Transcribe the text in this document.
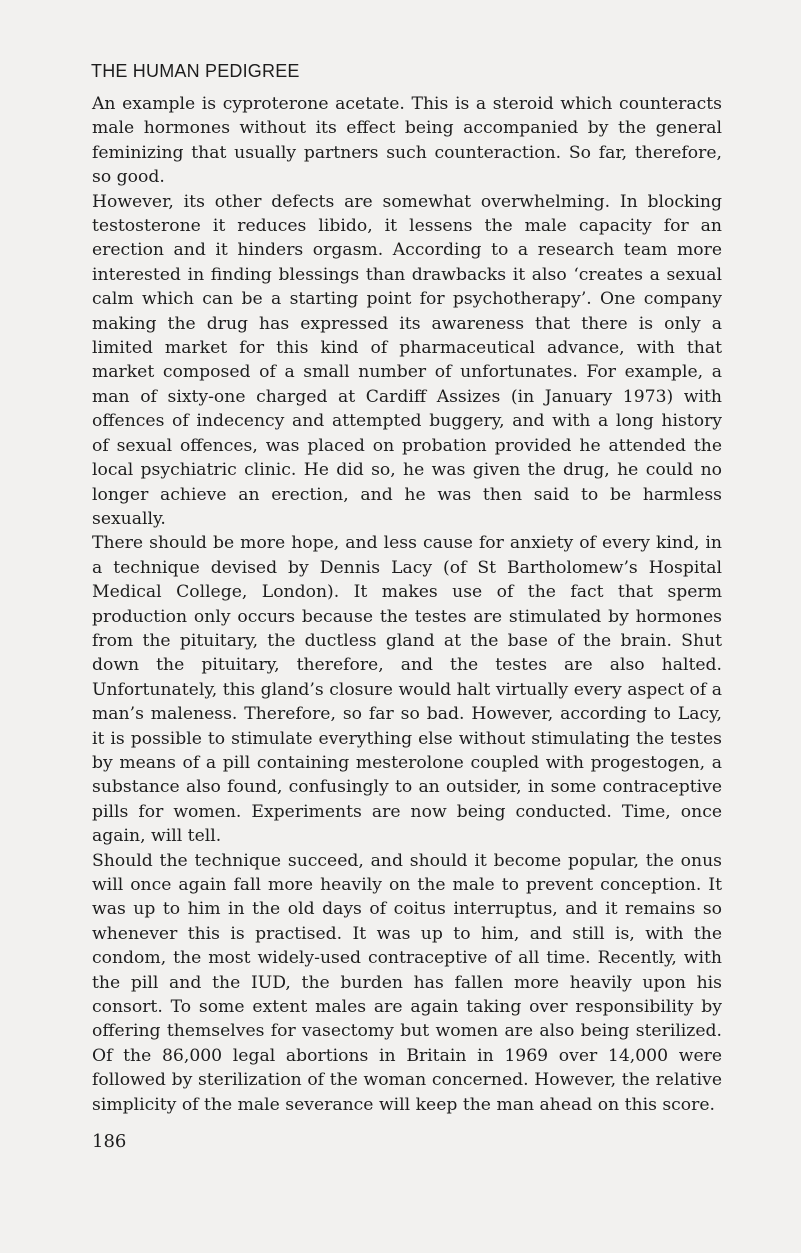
THE HUMAN PEDIGREE

An example is cyproterone acetate. This is a steroid which counteracts male hormones without its effect being accompanied by the general feminizing that usually partners such counteraction. So far, therefore, so good.

However, its other defects are somewhat overwhelming. In blocking testosterone it reduces libido, it lessens the male capacity for an erection and it hinders orgasm. According to a research team more interested in finding blessings than drawbacks it also ‘creates a sexual calm which can be a starting point for psychotherapy’. One company making the drug has expressed its awareness that there is only a limited market for this kind of pharmaceutical advance, with that market composed of a small number of unfortunates. For example, a man of sixty-one charged at Cardiff Assizes (in January 1973) with offences of indecency and attempted buggery, and with a long history of sexual offences, was placed on probation provided he attended the local psychiatric clinic. He did so, he was given the drug, he could no longer achieve an erection, and he was then said to be harmless sexually.

There should be more hope, and less cause for anxiety of every kind, in a technique devised by Dennis Lacy (of St Bartholomew’s Hospital Medical College, London). It makes use of the fact that sperm production only occurs because the testes are stimulated by hormones from the pituitary, the ductless gland at the base of the brain. Shut down the pituitary, therefore, and the testes are also halted. Unfortunately, this gland’s closure would halt virtually every aspect of a man’s maleness. Therefore, so far so bad. However, according to Lacy, it is possible to stimulate everything else without stimulating the testes by means of a pill containing mesterolone coupled with progestogen, a substance also found, confusingly to an outsider, in some contraceptive pills for women. Experiments are now being conducted. Time, once again, will tell.

Should the technique succeed, and should it become popular, the onus will once again fall more heavily on the male to prevent conception. It was up to him in the old days of coitus interruptus, and it remains so whenever this is practised. It was up to him, and still is, with the condom, the most widely-used contraceptive of all time. Recently, with the pill and the IUD, the burden has fallen more heavily upon his consort. To some extent males are again taking over responsibility by offering themselves for vasectomy but women are also being sterilized. Of the 86,000 legal abortions in Britain in 1969 over 14,000 were followed by sterilization of the woman concerned. However, the relative simplicity of the male severance will keep the man ahead on this score.

186
